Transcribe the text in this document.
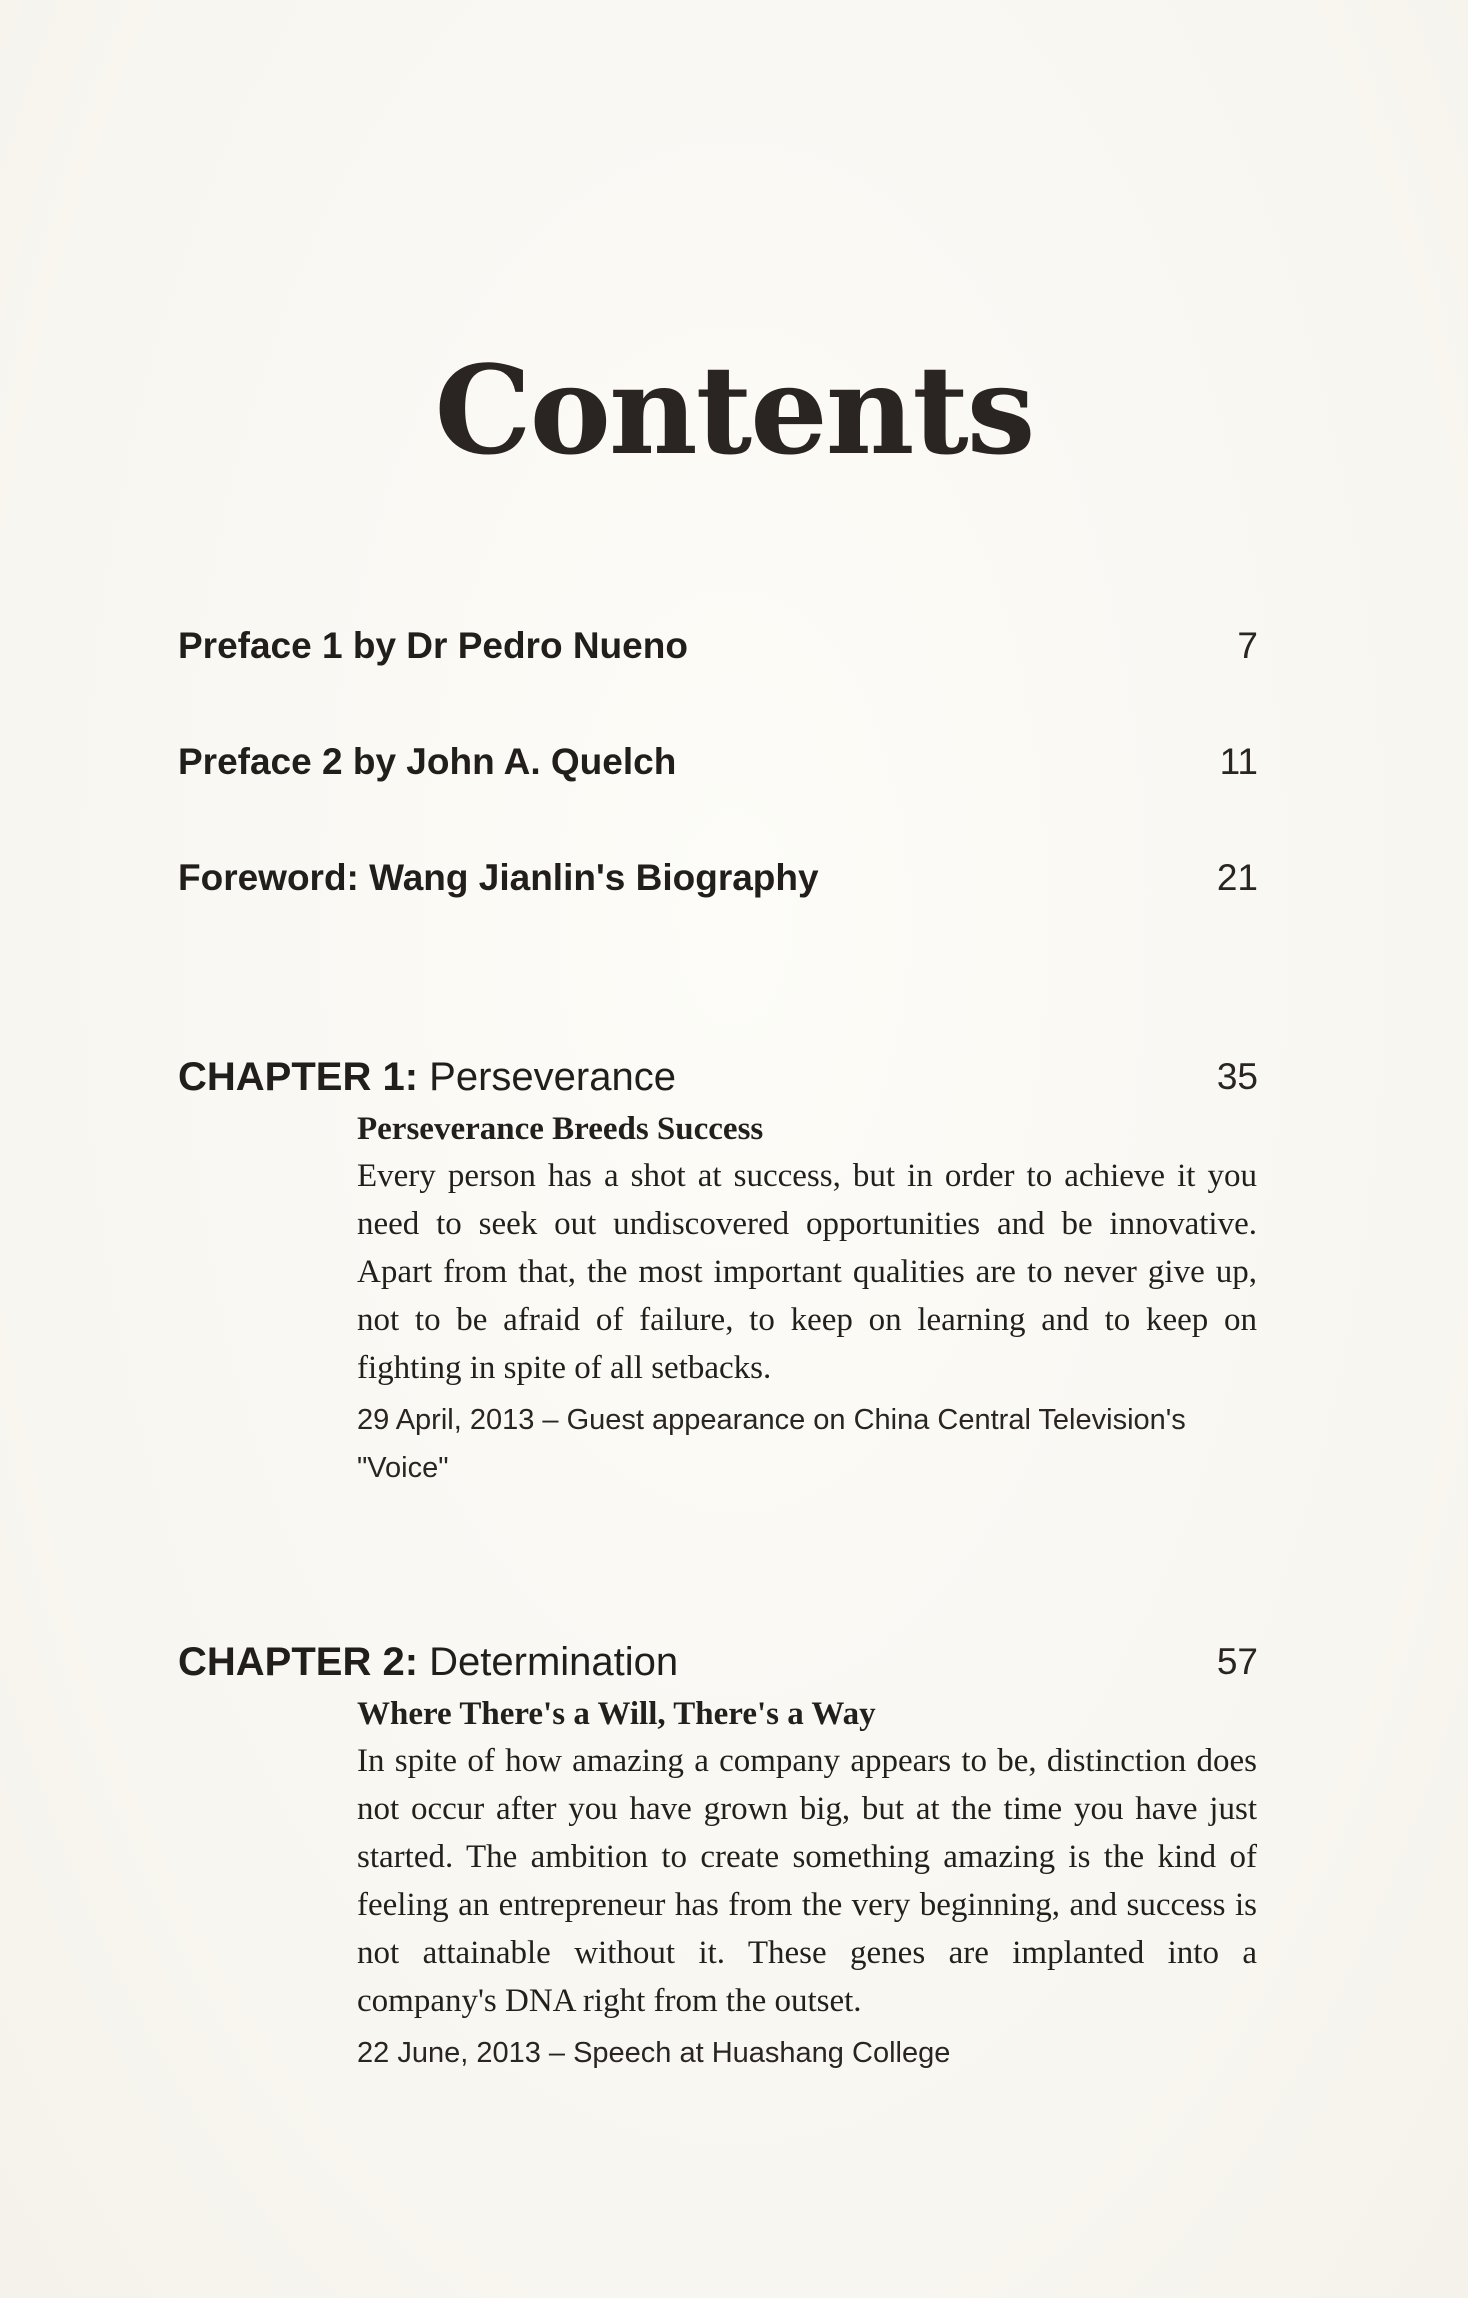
Contents
Preface 1 by Dr Pedro Nueno	7
Preface 2 by John A. Quelch	11
Foreword: Wang Jianlin's Biography	21
CHAPTER 1: Perseverance	35

Perseverance Breeds Success

Every person has a shot at success, but in order to achieve it you need to seek out undiscovered opportunities and be innovative. Apart from that, the most important qualities are to never give up, not to be afraid of failure, to keep on learning and to keep on fighting in spite of all setbacks.

29 April, 2013 – Guest appearance on China Central Television's "Voice"

CHAPTER 2: Determination	57

Where There's a Will, There's a Way

In spite of how amazing a company appears to be, distinction does not occur after you have grown big, but at the time you have just started. The ambition to create something amazing is the kind of feeling an entrepreneur has from the very beginning, and success is not attainable without it. These genes are implanted into a company's DNA right from the outset.

22 June, 2013 – Speech at Huashang College
